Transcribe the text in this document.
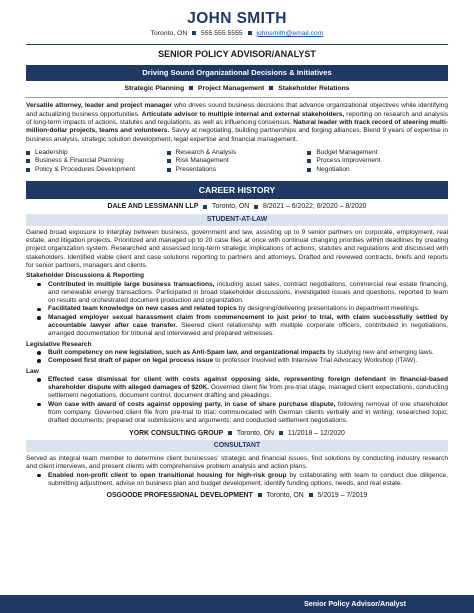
JOHN SMITH
Toronto, ON 555.555.5555 johnsmith@email.com
SENIOR POLICY ADVISOR/ANALYST
Driving Sound Organizational Decisions & Initiatives
Strategic Planning Project Management Stakeholder Relations
Versatile attorney, leader and project manager who drives sound business decisions that advance organizational objectives while identifying and actualizing business opportunities. Articulate advisor to multiple internal and external stakeholders, reporting on research and analysis of long-term impacts of actions, statutes and regulations, as well as influencing consensus. Natural leader with track record of steering multi-million-dollar projects, teams and volunteers. Savvy at negotiating, building partnerships and forging alliances. Blend 9 years of expertise in business analysis, strategic solution development, legal expertise and financial management.
Leadership
Business & Financial Planning
Policy & Procedures Development
Research & Analysis
Risk Management
Presentations
Budget Management
Process Improvement
Negotiation
CAREER HISTORY
DALE AND LESSMANN LLP Toronto, ON 8/2021 – 6/2022; 6/2020 – 8/2020
STUDENT-AT-LAW
Gained broad exposure to interplay between business, government and law, assisting up to 9 senior partners on corporate, employment, real estate, and litigation projects. Prioritized and managed up to 20 case files at once with continual changing priorities within deadlines by creating project organization system. Researched and assessed long-term strategic implications of actions, statutes and regulations and discussed with stakeholders. Identified viable client and case solutions reporting to partners and attorneys. Drafted and reviewed contracts, briefs and reports for senior partners, managers and clients.
Stakeholder Discussions & Reporting
Contributed in multiple large business transactions, including asset sales, contract negotiations, commercial real estate financing, and renewable energy transactions. Participated in broad stakeholder discussions, investigated issues and questions, reported to team on results and orchestrated document production and organization.
Facilitated team knowledge on new cases and related topics by designing/delivering presentations in department meetings.
Managed employer sexual harassment claim from commencement to just prior to trial, with claim successfully settled by accountable lawyer after case transfer. Steered client relationship with multiple corporate officers, contributed in negotiations, arranged documentation for tribunal and interviewed and prepared witnesses.
Legislative Research
Built competency on new legislation, such as Anti-Spam law, and organizational impacts by studying new and emerging laws.
Composed first draft of paper on legal process issue to professor involved with Intensive Trial Advocacy Workshop (ITAW).
Law
Effected case dismissal for client with costs against opposing side, representing foreign defendant in financial-based shareholder dispute with alleged damages of $20K. Governed client file from pre-trial stage, managed client expectations, conducting settlement negotiations, document control, document drafting and pleadings.
Won case with award of costs against opposing party, in case of share purchase dispute, following removal of one shareholder from company. Governed client file from pre-trial to trial; communicated with German clients verbally and in writing; researched topic; drafted documents; prepared oral submissions and arguments; and conducted settlement negotiations.
YORK CONSULTING GROUP Toronto, ON 11/2018 – 12/2020
CONSULTANT
Served as integral team member to determine client businesses' strategic and financial issues, find solutions by conducting industry research and client interviews, and present clients with comprehensive problem analysis and action plans.
Enabled non-profit client to open transitional housing for high-risk group by collaborating with team to conduct due diligence, submitting adjustment, advise on business plan and budget development, identify funding options, needs, and real estate.
OSGOODE PROFESSIONAL DEVELOPMENT Toronto, ON 5/2019 – 7/2019
Senior Policy Advisor/Analyst
